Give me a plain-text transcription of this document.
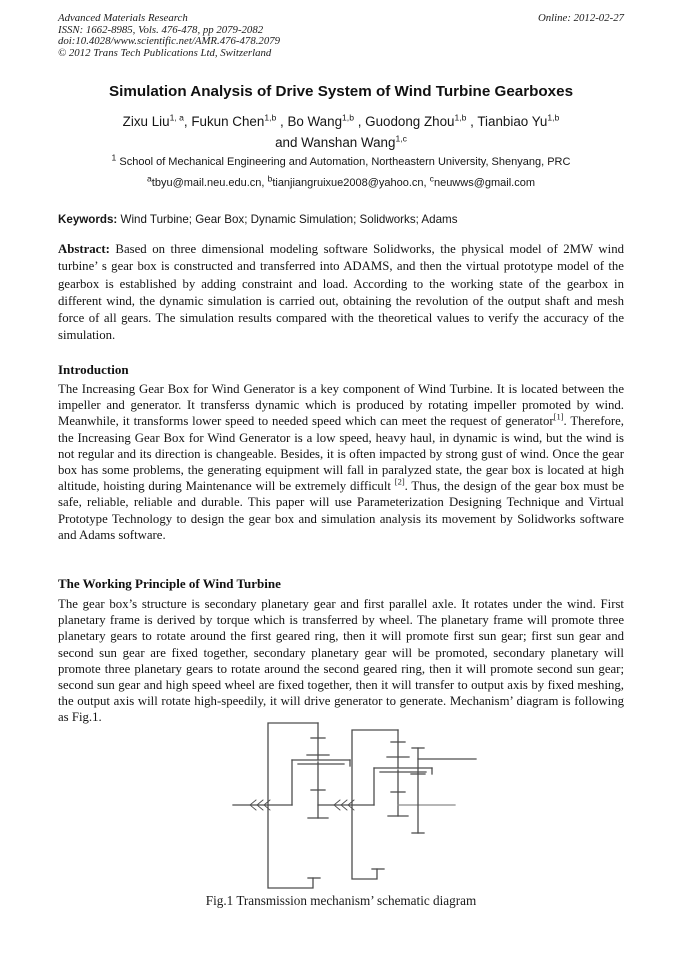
Advanced Materials Research
ISSN: 1662-8985, Vols. 476-478, pp 2079-2082
doi:10.4028/www.scientific.net/AMR.476-478.2079
© 2012 Trans Tech Publications Ltd, Switzerland
Online: 2012-02-27
Simulation Analysis of Drive System of Wind Turbine Gearboxes
Zixu Liu$^{1, a}$, Fukun Chen$^{1,b}$ , Bo Wang$^{1,b}$ , Guodong Zhou$^{1,b}$ , Tianbiao Yu$^{1,b}$
and Wanshan Wang$^{1,c}$
$^1$ School of Mechanical Engineering and Automation, Northeastern University, Shenyang, PRC
$^a$tbyu@mail.neu.edu.cn, $^b$tianjiangruixue2008@yahoo.cn, $^c$neuwws@gmail.com
Keywords: Wind Turbine; Gear Box; Dynamic Simulation; Solidworks; Adams
Abstract: Based on three dimensional modeling software Solidworks, the physical model of 2MW wind turbine’ s gear box is constructed and transferred into ADAMS, and then the virtual prototype model of the gearbox is established by adding constraint and load. According to the working state of the gearbox in different wind, the dynamic simulation is carried out, obtaining the revolution of the output shaft and mesh force of all gears. The simulation results compared with the theoretical values to verify the accuracy of the simulation.
Introduction
The Increasing Gear Box for Wind Generator is a key component of Wind Turbine. It is located between the impeller and generator. It transferss dynamic which is produced by rotating impeller promoted by wind. Meanwhile, it transforms lower speed to needed speed which can meet the request of generator[1]. Therefore, the Increasing Gear Box for Wind Generator is a low speed, heavy haul, in dynamic is wind, but the wind is not regular and its direction is changeable. Besides, it is often impacted by strong gust of wind. Once the gear box has some problems, the generating equipment will fall in paralyzed state, the gear box is located at high altitude, hoisting during Maintenance will be extremely difficult [2]. Thus, the design of the gear box must be safe, reliable, reliable and durable. This paper will use Parameterization Designing Technique and Virtual Prototype Technology to design the gear box and simulation analysis its movement by Solidworks software and Adams software.
The Working Principle of Wind Turbine
The gear box’s structure is secondary planetary gear and first parallel axle. It rotates under the wind. First planetary frame is derived by torque which is transferred by wheel. The planetary frame will promote three planetary gears to rotate around the first geared ring, then it will promote first sun gear; first sun gear and second sun gear are fixed together, secondary planetary gear will be promoted, secondary planetary will promote three planetary gears to rotate around the second geared ring, then it will promote second sun gear; second sun gear and high speed wheel are fixed together, then it will transfer to output axis by fixed meshing, the output axis will rotate high-speedily, it will drive generator to generate. Mechanism’ diagram is following as Fig.1.
Fig.1 Transmission mechanism’ schematic diagram
